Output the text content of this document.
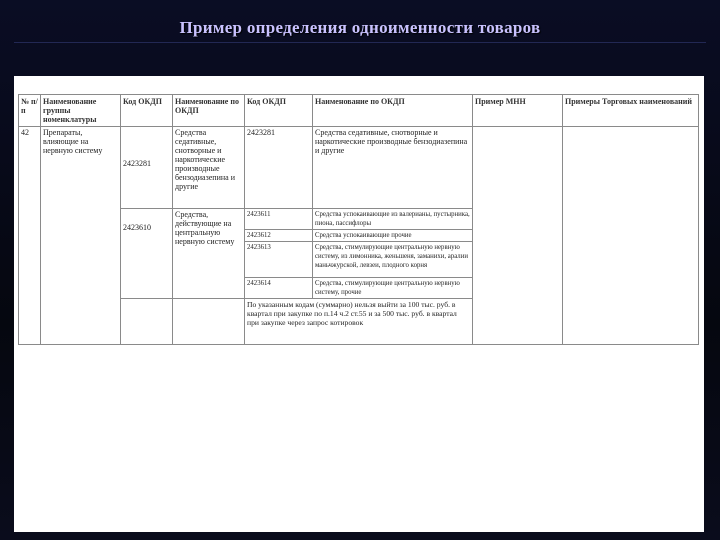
Пример определения одноименности товаров
№ п/п	Наименование группы номенклатуры	Код ОКДП	Наименование по ОКДП	Код ОКДП	Наименование по ОКДП	Пример МНН	Примеры Торговых наименований
42	Препараты, влияющие на нервную систему	2423281	Средства седативные, снотворные и наркотические производные бензодиазепина и другие	2423281	Средства седативные, снотворные и наркотические производные бензодиазепина и другие		
		2423610	Средства, действующие на центральную нервную систему	2423611	Средства успокаивающие из валерианы, пустырника, пиона, пассифлоры		
				2423612	Средства успокаивающие прочие		
				2423613	Средства, стимулирующие центральную нервную систему, из лимонника, женьшеня, заманихи, аралии маньчжурской, левзеи, плодного корня		
				2423614	Средства, стимулирующие центральную нервную систему, прочие		
				По указанным кодам (суммарно) нельзя выйти за 100 тыс. руб. в квартал при закупке по п.14 ч.2 ст.55 и за 500 тыс. руб. в квартал при закупке через запрос котировок			
